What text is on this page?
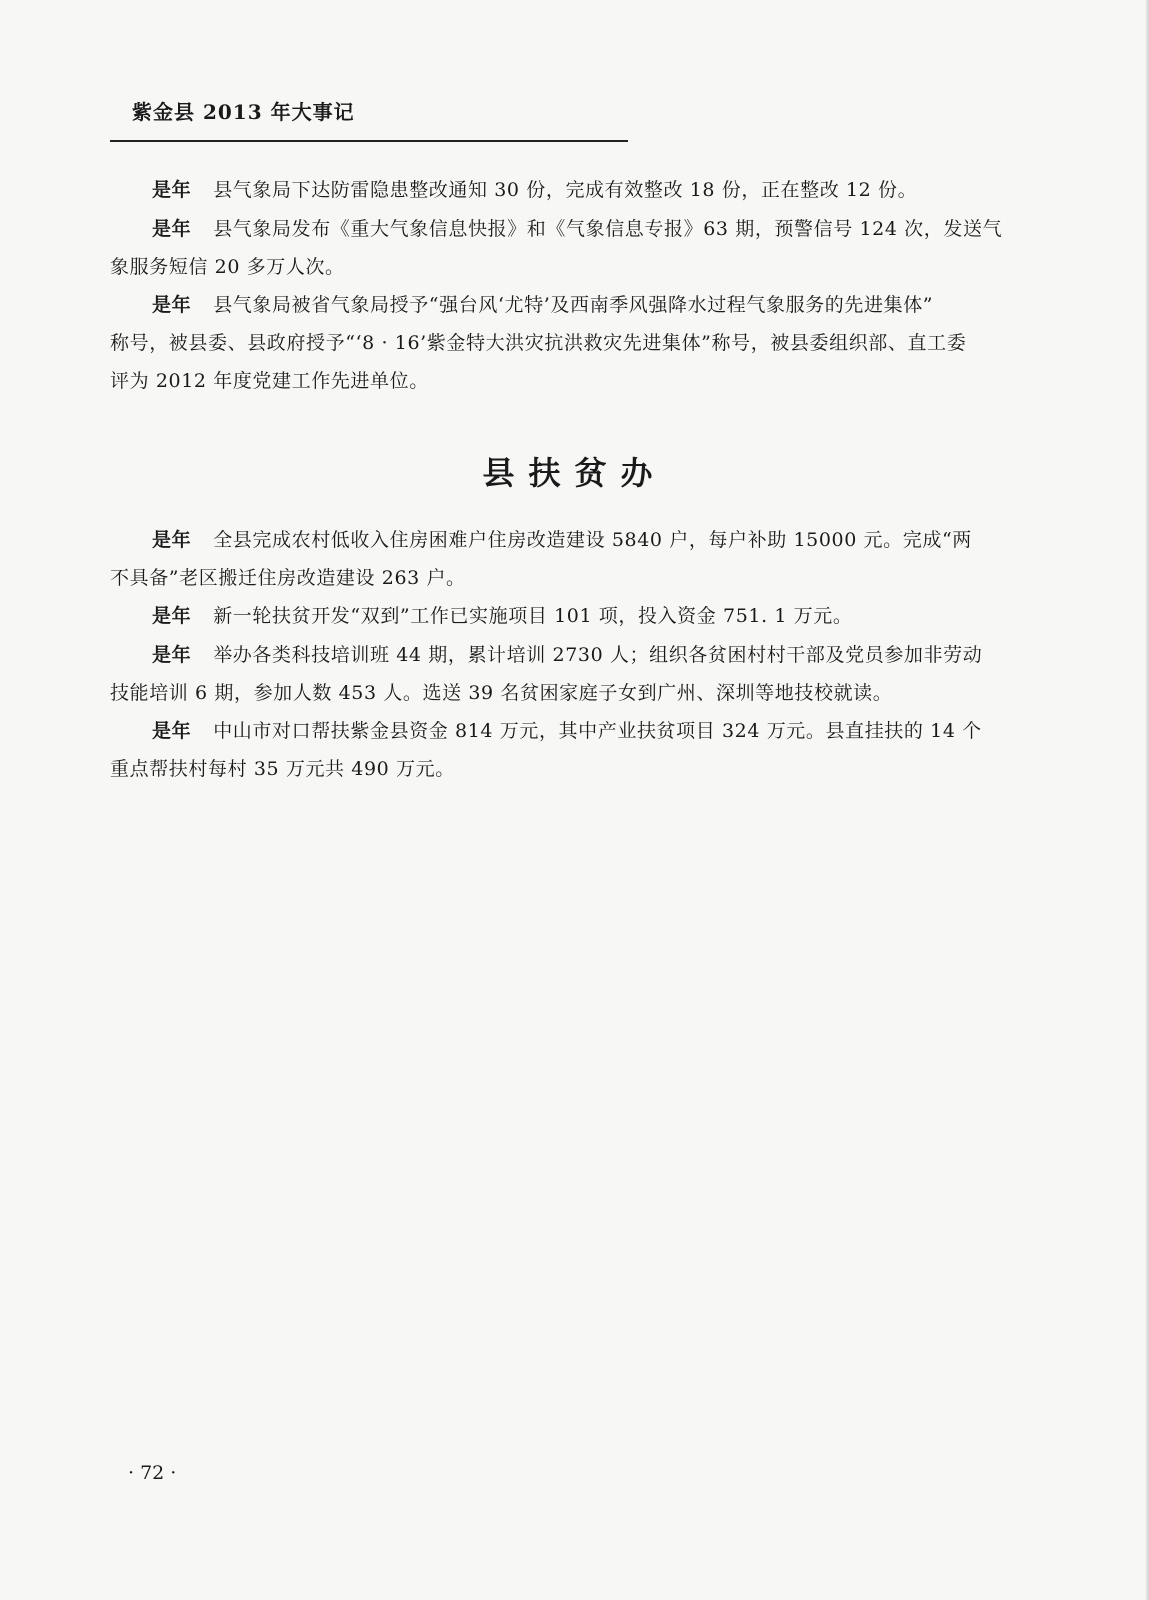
紫金县 2013 年大事记
是年 县气象局下达防雷隐患整改通知 30 份，完成有效整改 18 份，正在整改 12 份。
是年 县气象局发布《重大气象信息快报》和《气象信息专报》63 期，预警信号 124 次，发送气
象服务短信 20 多万人次。
是年 县气象局被省气象局授予“强台风‘尤特’及西南季风强降水过程气象服务的先进集体”
称号，被县委、县政府授予“‘8 · 16’紫金特大洪灾抗洪救灾先进集体”称号，被县委组织部、直工委
评为 2012 年度党建工作先进单位。
县扶贫办
是年 全县完成农村低收入住房困难户住房改造建设 5840 户，每户补助 15000 元。完成“两
不具备”老区搬迁住房改造建设 263 户。
是年 新一轮扶贫开发“双到”工作已实施项目 101 项，投入资金 751. 1 万元。
是年 举办各类科技培训班 44 期，累计培训 2730 人；组织各贫困村村干部及党员参加非劳动
技能培训 6 期，参加人数 453 人。选送 39 名贫困家庭子女到广州、深圳等地技校就读。
是年 中山市对口帮扶紫金县资金 814 万元，其中产业扶贫项目 324 万元。县直挂扶的 14 个
重点帮扶村每村 35 万元共 490 万元。
· 72 ·
